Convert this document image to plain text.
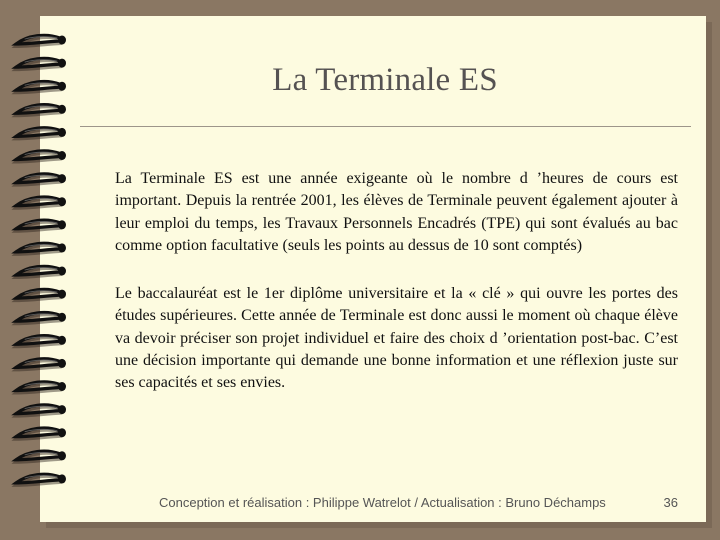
La Terminale ES

La Terminale ES est une année exigeante où le nombre d ’heures de cours est important. Depuis la rentrée 2001, les élèves de Terminale peuvent également ajouter à leur emploi du temps, les Travaux Personnels Encadrés (TPE) qui sont évalués au bac comme option facultative (seuls les points au dessus de 10 sont comptés)

Le baccalauréat est le 1er diplôme universitaire et la « clé » qui ouvre les portes des études supérieures. Cette année de Terminale est donc aussi le moment où chaque élève va devoir préciser son projet individuel et faire des choix d ’orientation post-bac. C’est une décision importante qui demande une bonne information et une réflexion juste sur ses capacités et ses envies.

Conception et réalisation : Philippe Watrelot / Actualisation : Bruno Déchamps	36
